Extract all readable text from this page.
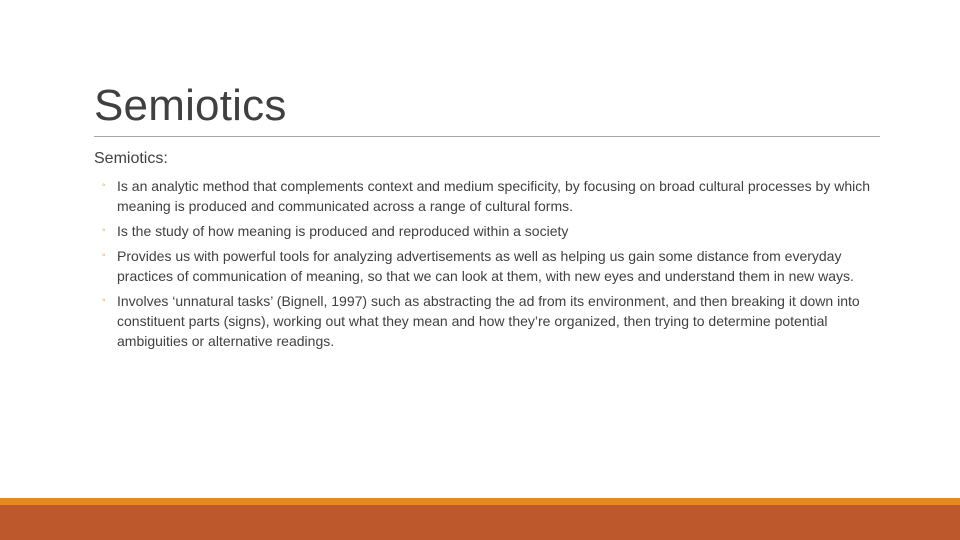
Semiotics

Semiotics:

◦ Is an analytic method that complements context and medium specificity, by focusing on broad cultural processes by which meaning is produced and communicated across a range of cultural forms.
◦ Is the study of how meaning is produced and reproduced within a society
◦ Provides us with powerful tools for analyzing advertisements as well as helping us gain some distance from everyday practices of communication of meaning, so that we can look at them, with new eyes and understand them in new ways.
◦ Involves ‘unnatural tasks’ (Bignell, 1997) such as abstracting the ad from its environment, and then breaking it down into constituent parts (signs), working out what they mean and how they’re organized, then trying to determine potential ambiguities or alternative readings.
